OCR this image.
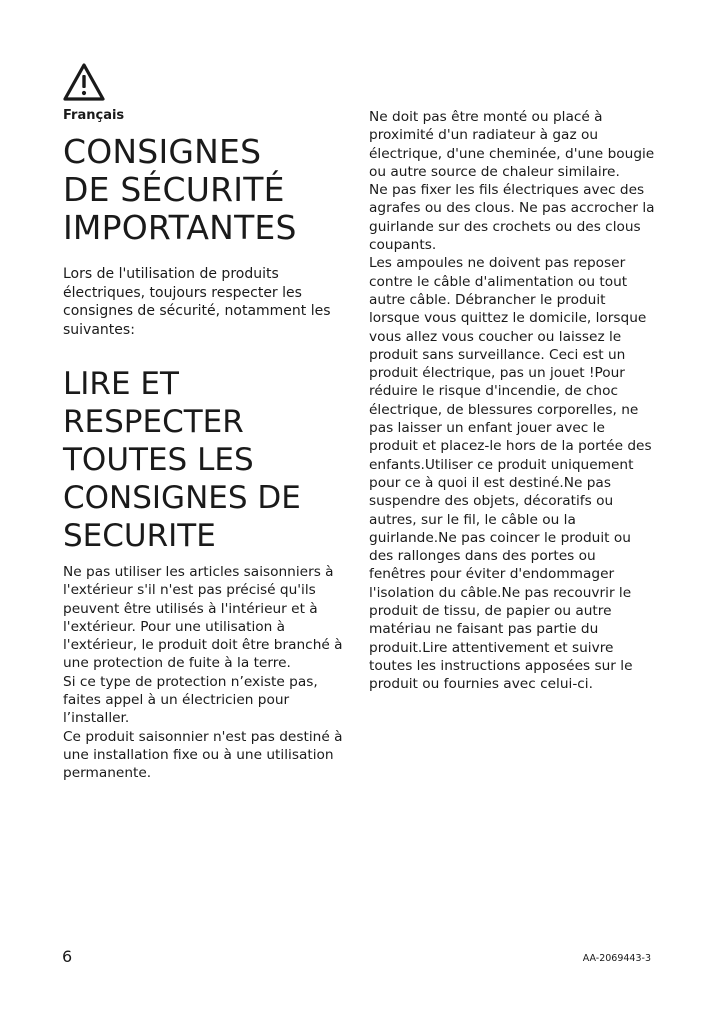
Français
CONSIGNES
DE SÉCURITÉ
IMPORTANTES

Lors de l'utilisation de produits électriques, toujours respecter les consignes de sécurité, notamment les suivantes:

LIRE ET
RESPECTER
TOUTES LES
CONSIGNES DE
SECURITE

Ne pas utiliser les articles saisonniers à l'extérieur s'il n'est pas précisé qu'ils peuvent être utilisés à l'intérieur et à l'extérieur. Pour une utilisation à l'extérieur, le produit doit être branché à une protection de fuite à la terre.

Si ce type de protection n’existe pas, faites appel à un électricien pour l’installer.

Ce produit saisonnier n'est pas destiné à une installation fixe ou à une utilisation permanente.

Ne doit pas être monté ou placé à proximité d'un radiateur à gaz ou électrique, d'une cheminée, d'une bougie ou autre source de chaleur similaire.

Ne pas fixer les fils électriques avec des agrafes ou des clous. Ne pas accrocher la guirlande sur des crochets ou des clous coupants.

Les ampoules ne doivent pas reposer contre le câble d'alimentation ou tout autre câble. Débrancher le produit lorsque vous quittez le domicile, lorsque vous allez vous coucher ou laissez le produit sans surveillance. Ceci est un produit électrique, pas un jouet !Pour réduire le risque d'incendie, de choc électrique, de blessures corporelles, ne pas laisser un enfant jouer avec le produit et placez-le hors de la portée des enfants.Utiliser ce produit uniquement pour ce à quoi il est destiné.Ne pas suspendre des objets, décoratifs ou autres, sur le fil, le câble ou la guirlande.Ne pas coincer le produit ou des rallonges dans des portes ou fenêtres pour éviter d'endommager l'isolation du câble.Ne pas recouvrir le produit de tissu, de papier ou autre matériau ne faisant pas partie du produit.Lire attentivement et suivre toutes les instructions apposées sur le produit ou fournies avec celui-ci.

6	AA-2069443-3
